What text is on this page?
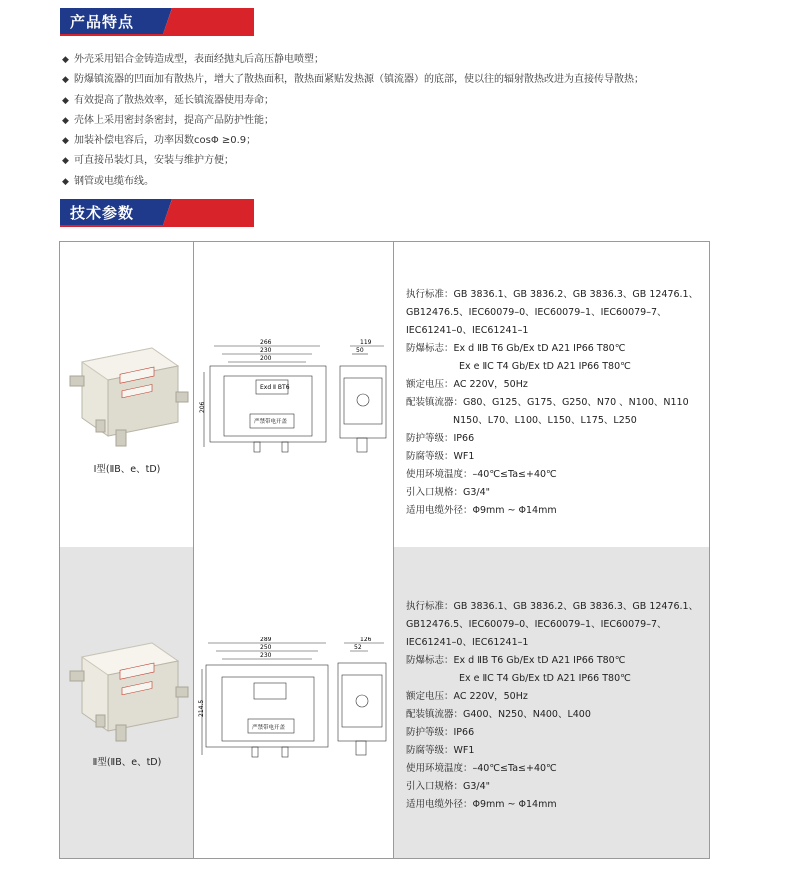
产品特点
◆ 外壳采用铝合金铸造成型，表面经抛丸后高压静电喷塑；
◆ 防爆镇流器的凹面加有散热片，增大了散热面积，散热面紧贴发热源（镇流器）的底部，使以往的辐射散热改进为直接传导散热；
◆ 有效提高了散热效率，延长镇流器使用寿命；
◆ 壳体上采用密封条密封，提高产品防护性能；
◆ 加装补偿电容后，功率因数cosΦ ≥0.9；
◆ 可直接吊装灯具，安装与维护方便；
◆ 钢管或电缆布线。
技术参数
Ⅰ型(ⅡB、e、tD)
266
230
200
206
119
50
Exd Ⅱ BT6
严禁带电开盖
执行标准：GB 3836.1、GB 3836.2、GB 3836.3、GB 12476.1、
GB12476.5、IEC60079–0、IEC60079–1、IEC60079–7、
IEC61241–0、IEC61241–1
防爆标志：Ex d ⅡB T6 Gb/Ex tD A21 IP66 T80℃
Ex e ⅡC T4 Gb/Ex tD A21 IP66 T80℃
额定电压：AC 220V，50Hz
配装镇流器：G80、G125、G175、G250、N70 、N100、N110
N150、L70、L100、L150、L175、L250
防护等级：IP66
防腐等级：WF1
使用环境温度：–40℃≤Ta≤+40℃
引入口规格：G3/4"
适用电缆外径：Φ9mm ~ Φ14mm
Ⅱ型(ⅡB、e、tD)
289
250
230
214.5
126
52
严禁带电开盖
执行标准：GB 3836.1、GB 3836.2、GB 3836.3、GB 12476.1、
GB12476.5、IEC60079–0、IEC60079–1、IEC60079–7、
IEC61241–0、IEC61241–1
防爆标志：Ex d ⅡB T6 Gb/Ex tD A21 IP66 T80℃
Ex e ⅡC T4 Gb/Ex tD A21 IP66 T80℃
额定电压：AC 220V，50Hz
配装镇流器：G400、N250、N400、L400
防护等级：IP66
防腐等级：WF1
使用环境温度：–40℃≤Ta≤+40℃
引入口规格：G3/4"
适用电缆外径：Φ9mm ~ Φ14mm
